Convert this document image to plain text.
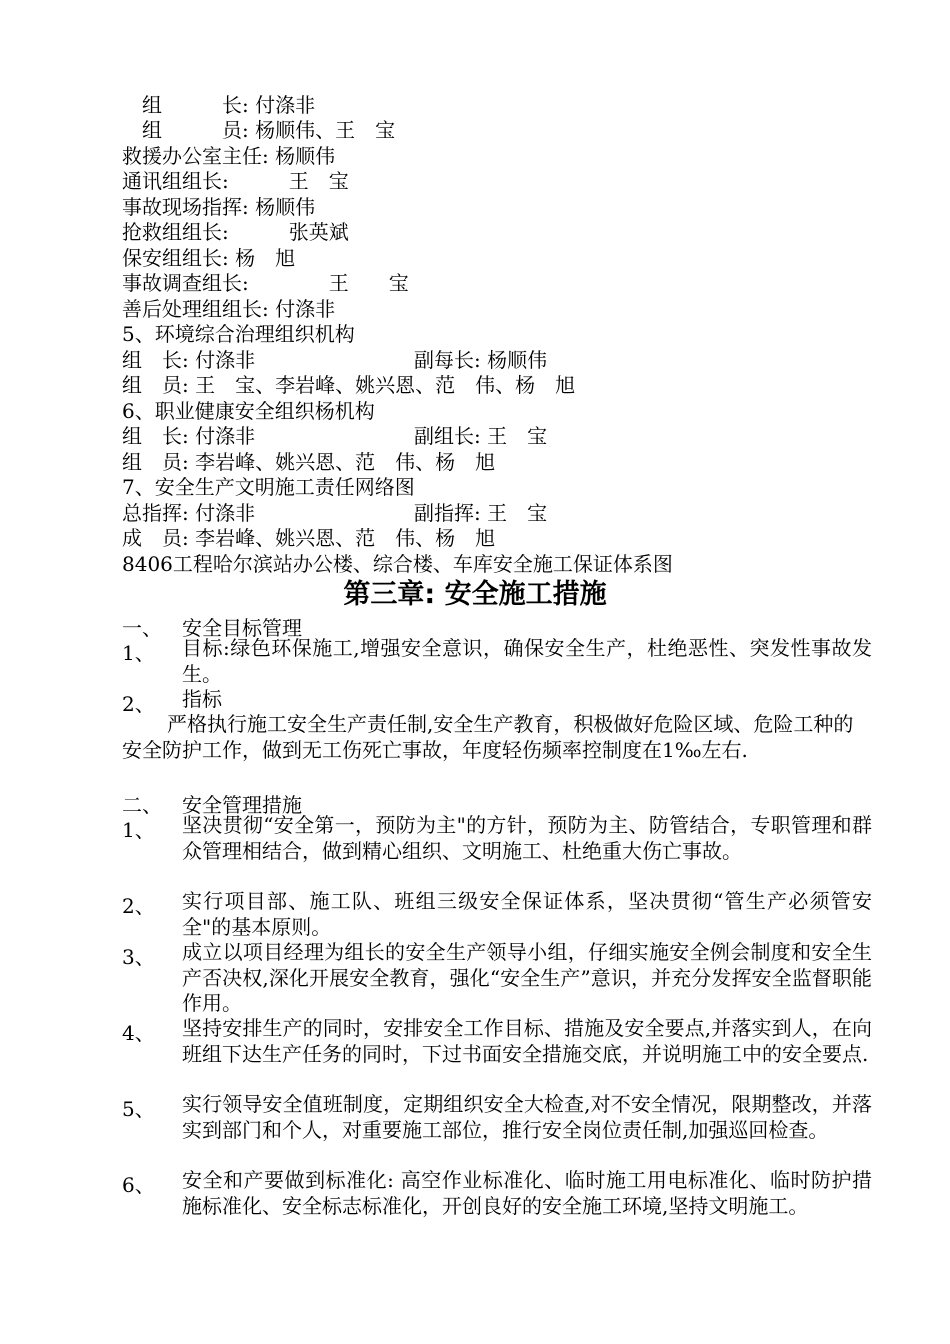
　组　　　长: 付涤非
　组　　　员: 杨顺伟、王　宝
救援办公室主任: 杨顺伟
通讯组组长:　　　王　宝
事故现场指挥: 杨顺伟
抢救组组长:　　　张英斌
保安组组长: 杨　旭
事故调查组长:　　　　王　　宝
善后处理组组长: 付涤非
5、环境综合治理组织机构
组　长: 付涤非	副每长: 杨顺伟
组　员: 王　宝、李岩峰、姚兴恩、范　伟、杨　旭
6、职业健康安全组织杨机构
组　长: 付涤非	副组长: 王　宝
组　员: 李岩峰、姚兴恩、范　伟、杨　旭
7、安全生产文明施工责任网络图
总指挥: 付涤非	副指挥: 王　宝
成　员: 李岩峰、姚兴恩、范　伟、杨　旭
8406工程哈尔滨站办公楼、综合楼、车库安全施工保证体系图
第三章: 安全施工措施
一、 安全目标管理
1、 目标:绿色环保施工,增强安全意识，确保安全生产，杜绝恶性、突发性事故发生。
2、 指标
严格执行施工安全生产责任制,安全生产教育，积极做好危险区域、危险工种的安全防护工作，做到无工伤死亡事故，年度轻伤频率控制度在1‰左右.
二、 安全管理措施
1、 坚决贯彻“安全第一，预防为主"的方针，预防为主、防管结合，专职管理和群众管理相结合，做到精心组织、文明施工、杜绝重大伤亡事故。
2、 实行项目部、施工队、班组三级安全保证体系，坚决贯彻“管生产必须管安全"的基本原则。
3、 成立以项目经理为组长的安全生产领导小组，仔细实施安全例会制度和安全生产否决权,深化开展安全教育，强化“安全生产”意识，并充分发挥安全监督职能作用。
4、 坚持安排生产的同时，安排安全工作目标、措施及安全要点,并落实到人，在向班组下达生产任务的同时，下过书面安全措施交底，并说明施工中的安全要点.
5、 实行领导安全值班制度，定期组织安全大检查,对不安全情况，限期整改，并落实到部门和个人，对重要施工部位，推行安全岗位责任制,加强巡回检查。
6、 安全和产要做到标准化: 高空作业标准化、临时施工用电标准化、临时防护措施标准化、安全标志标准化，开创良好的安全施工环境,坚持文明施工。
